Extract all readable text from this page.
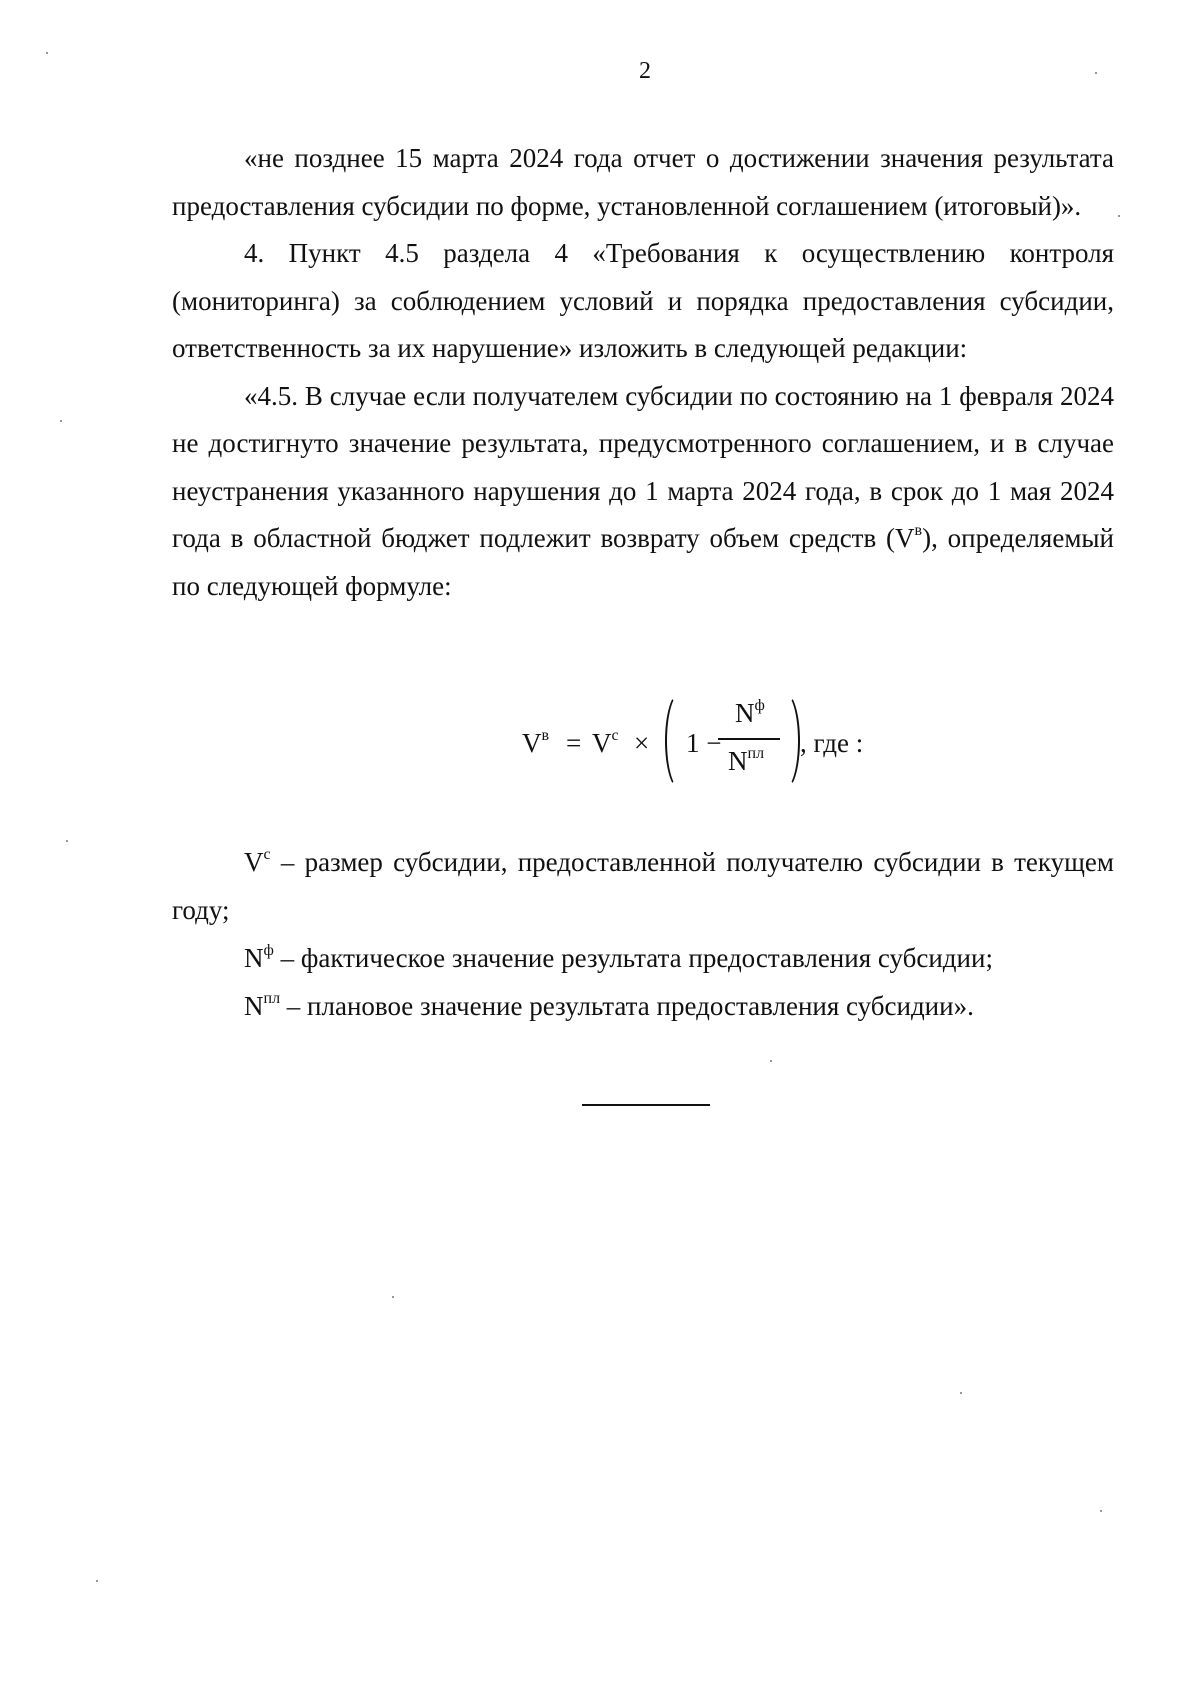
2

«не позднее 15 марта 2024 года отчет о достижении значения результата предоставления субсидии по форме, установленной соглашением (итоговый)».

4. Пункт 4.5 раздела 4 «Требования к осуществлению контроля (мониторинга) за соблюдением условий и порядка предоставления субсидии, ответственность за их нарушение» изложить в следующей редакции:

«4.5. В случае если получателем субсидии по состоянию на 1 февраля 2024 не достигнуто значение результата, предусмотренного соглашением, и в случае неустранения указанного нарушения до 1 марта 2024 года, в срок до 1 мая 2024 года в областной бюджет подлежит возврату объем средств $(V^в)$, определяемый по следующей формуле:

$V^в = V^с \times 1$ −
$N^ф$
$N^{пл}$ , где :

$V^с$ – размер субсидии, предоставленной получателю субсидии в текущем году;

$N^ф$ – фактическое значение результата предоставления субсидии;

$N^{пл}$ – плановое значение результата предоставления субсидии».
